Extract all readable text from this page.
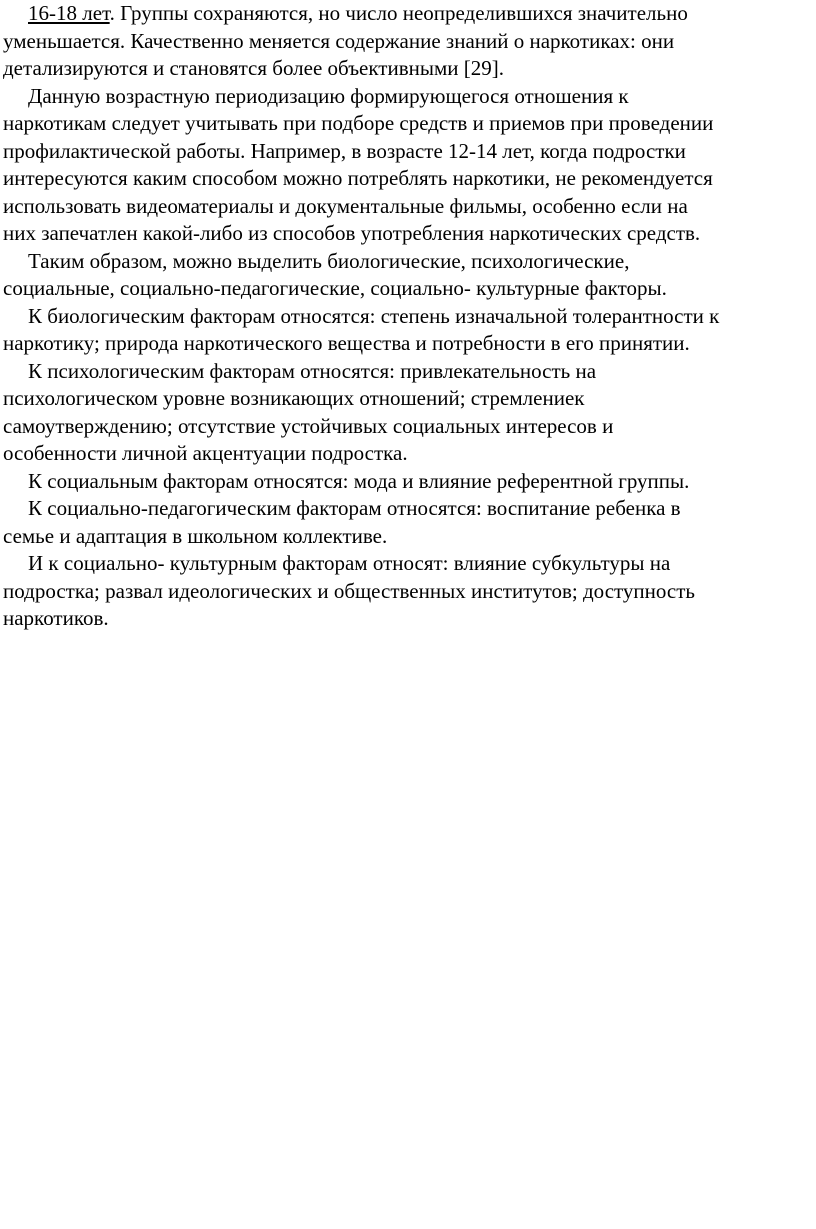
16-18 лет. Группы сохраняются, но число неопределившихся значительно
уменьшается. Качественно меняется содержание знаний о наркотиках: они
детализируются и становятся более объективными [29].
Данную возрастную периодизацию формирующегося отношения к
наркотикам следует учитывать при подборе средств и приемов при проведении
профилактической работы. Например, в возрасте 12-14 лет, когда подростки
интересуются каким способом можно потреблять наркотики, не рекомендуется
использовать видеоматериалы и документальные фильмы, особенно если на
них запечатлен какой-либо из способов употребления наркотических средств.
Таким образом, можно выделить биологические, психологические,
социальные, социально-педагогические, социально- культурные факторы.
К биологическим факторам относятся: степень изначальной толерантности к
наркотику; природа наркотического вещества и потребности в его принятии.
К психологическим факторам относятся: привлекательность на
психологическом уровне возникающих отношений; стремлениек
самоутверждению; отсутствие устойчивых социальных интересов и
особенности личной акцентуации подростка.
К социальным факторам относятся: мода и влияние референтной группы.
К социально-педагогическим факторам относятся: воспитание ребенка в
семье и адаптация в школьном коллективе.
И к социально- культурным факторам относят: влияние субкультуры на
подростка; развал идеологических и общественных институтов; доступность
наркотиков.
